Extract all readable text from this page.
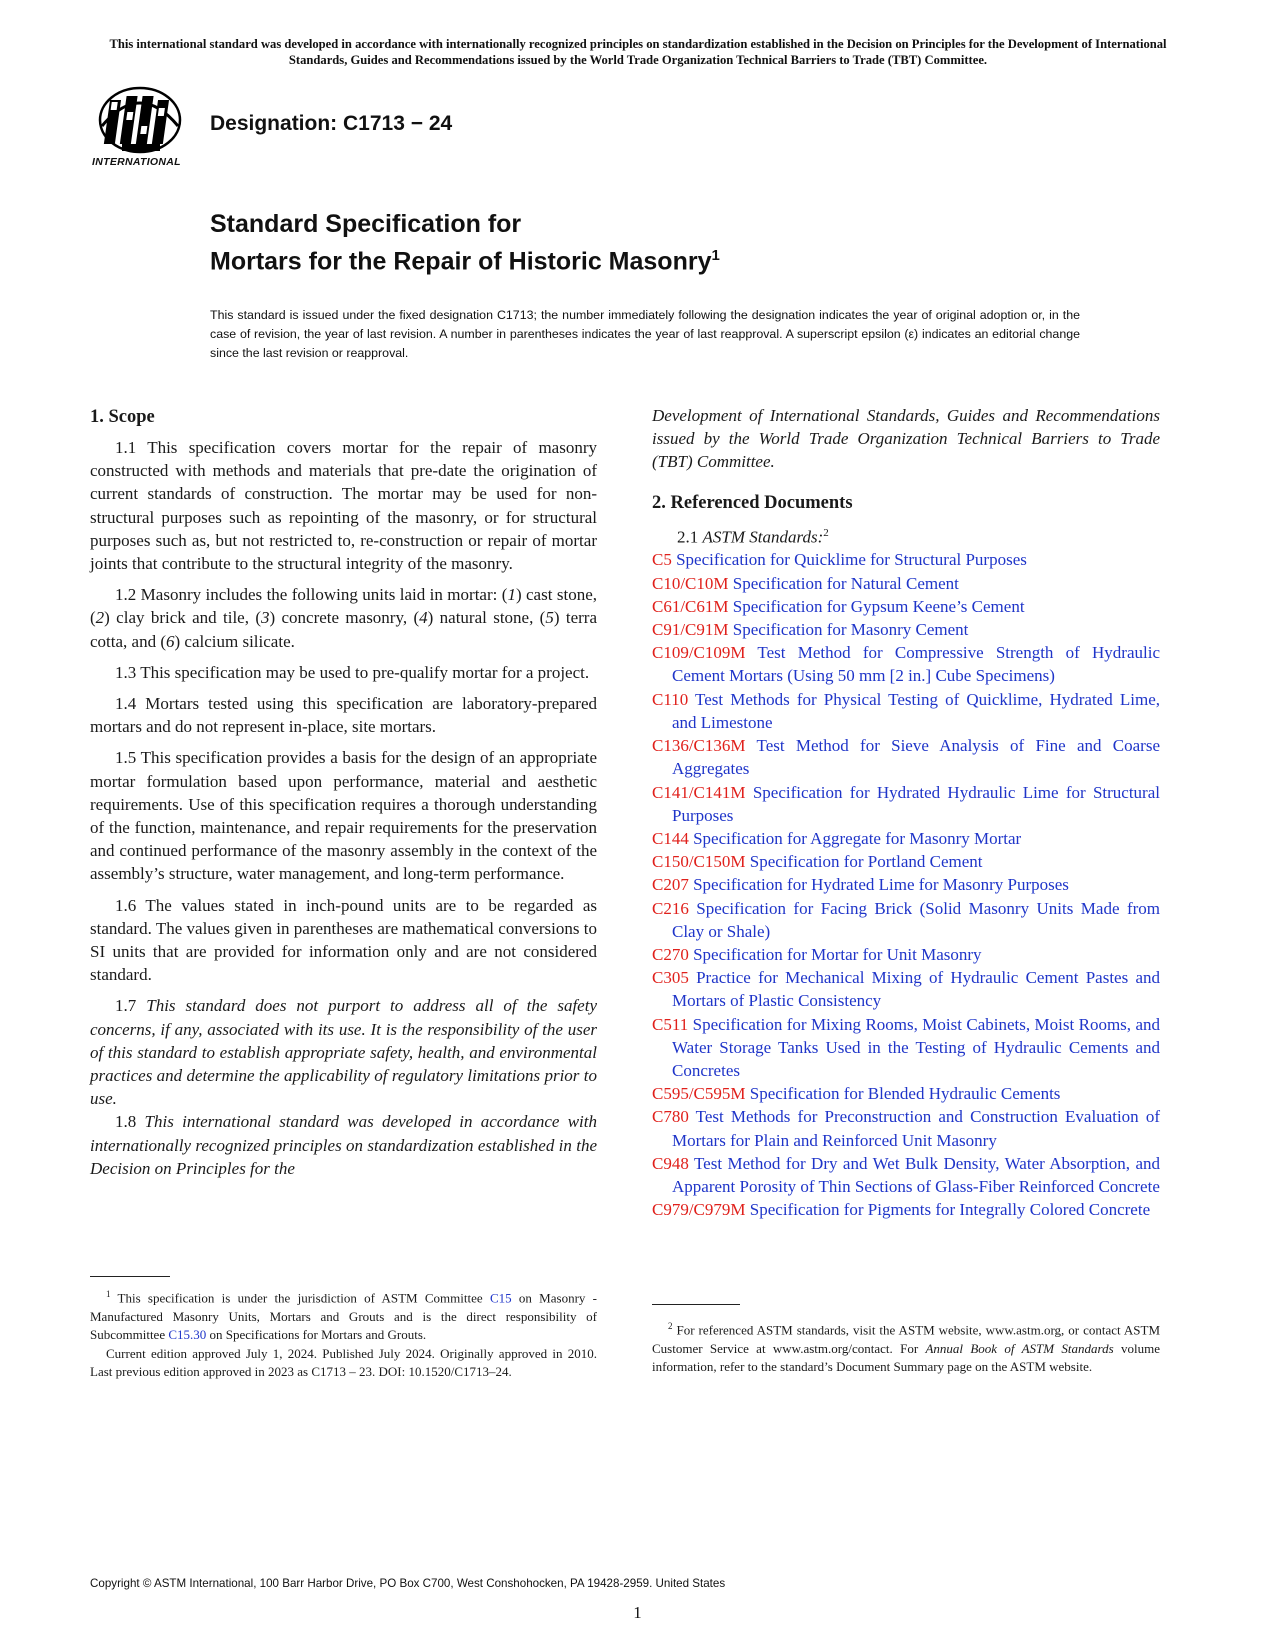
This international standard was developed in accordance with internationally recognized principles on standardization established in the Decision on Principles for the Development of International Standards, Guides and Recommendations issued by the World Trade Organization Technical Barriers to Trade (TBT) Committee.
INTERNATIONAL
Designation: C1713 − 24
Standard Specification for
Mortars for the Repair of Historic Masonry$^1$
This standard is issued under the fixed designation C1713; the number immediately following the designation indicates the year of original adoption or, in the case of revision, the year of last revision. A number in parentheses indicates the year of last reapproval. A superscript epsilon (ε) indicates an editorial change since the last revision or reapproval.
1. Scope

1.1 This specification covers mortar for the repair of masonry constructed with methods and materials that pre-date the origination of current standards of construction. The mortar may be used for non-structural purposes such as repointing of the masonry, or for structural purposes such as, but not restricted to, re-construction or repair of mortar joints that contribute to the structural integrity of the masonry.

1.2 Masonry includes the following units laid in mortar: (1) cast stone, (2) clay brick and tile, (3) concrete masonry, (4) natural stone, (5) terra cotta, and (6) calcium silicate.

1.3 This specification may be used to pre-qualify mortar for a project.

1.4 Mortars tested using this specification are laboratory-prepared mortars and do not represent in-place, site mortars.

1.5 This specification provides a basis for the design of an appropriate mortar formulation based upon performance, material and aesthetic requirements. Use of this specification requires a thorough understanding of the function, maintenance, and repair requirements for the preservation and continued performance of the masonry assembly in the context of the assembly’s structure, water management, and long-term performance.

1.6 The values stated in inch-pound units are to be regarded as standard. The values given in parentheses are mathematical conversions to SI units that are provided for information only and are not considered standard.

1.7 This standard does not purport to address all of the safety concerns, if any, associated with its use. It is the responsibility of the user of this standard to establish appropriate safety, health, and environmental practices and determine the applicability of regulatory limitations prior to use.

1.8 This international standard was developed in accordance with internationally recognized principles on standardization established in the Decision on Principles for the

$^1$ This specification is under the jurisdiction of ASTM Committee C15 on Masonry - Manufactured Masonry Units, Mortars and Grouts and is the direct responsibility of Subcommittee C15.30 on Specifications for Mortars and Grouts.

Current edition approved July 1, 2024. Published July 2024. Originally approved in 2010. Last previous edition approved in 2023 as C1713 – 23. DOI: 10.1520/C1713–24.

Development of International Standards, Guides and Recommendations issued by the World Trade Organization Technical Barriers to Trade (TBT) Committee.

2. Referenced Documents
2.1 ASTM Standards:$^2$
C5 Specification for Quicklime for Structural Purposes
C10/C10M Specification for Natural Cement
C61/C61M Specification for Gypsum Keene’s Cement
C91/C91M Specification for Masonry Cement
C109/C109M Test Method for Compressive Strength of Hydraulic Cement Mortars (Using 50 mm [2 in.] Cube Specimens)
C110 Test Methods for Physical Testing of Quicklime, Hydrated Lime, and Limestone
C136/C136M Test Method for Sieve Analysis of Fine and Coarse Aggregates
C141/C141M Specification for Hydrated Hydraulic Lime for Structural Purposes
C144 Specification for Aggregate for Masonry Mortar
C150/C150M Specification for Portland Cement
C207 Specification for Hydrated Lime for Masonry Purposes
C216 Specification for Facing Brick (Solid Masonry Units Made from Clay or Shale)
C270 Specification for Mortar for Unit Masonry
C305 Practice for Mechanical Mixing of Hydraulic Cement Pastes and Mortars of Plastic Consistency
C511 Specification for Mixing Rooms, Moist Cabinets, Moist Rooms, and Water Storage Tanks Used in the Testing of Hydraulic Cements and Concretes
C595/C595M Specification for Blended Hydraulic Cements
C780 Test Methods for Preconstruction and Construction Evaluation of Mortars for Plain and Reinforced Unit Masonry
C948 Test Method for Dry and Wet Bulk Density, Water Absorption, and Apparent Porosity of Thin Sections of Glass-Fiber Reinforced Concrete
C979/C979M Specification for Pigments for Integrally Colored Concrete

$^2$ For referenced ASTM standards, visit the ASTM website, www.astm.org, or contact ASTM Customer Service at www.astm.org/contact. For Annual Book of ASTM Standards volume information, refer to the standard’s Document Summary page on the ASTM website.

Copyright © ASTM International, 100 Barr Harbor Drive, PO Box C700, West Conshohocken, PA 19428-2959. United States
1
